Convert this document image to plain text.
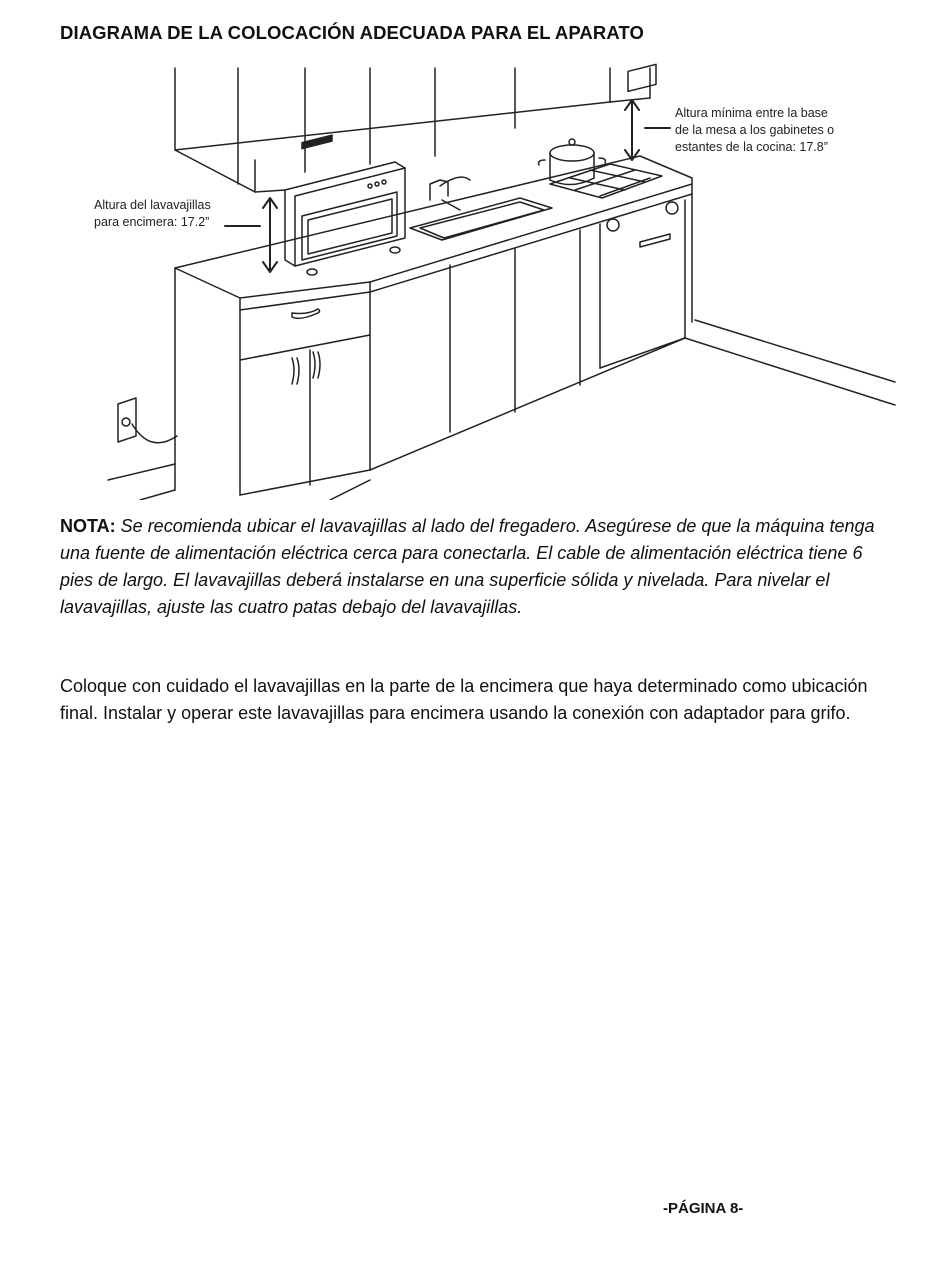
DIAGRAMA DE LA COLOCACIÓN ADECUADA PARA EL APARATO
Altura del lavavajillas
para encimera: 17.2”
Altura mínima entre la base
de la mesa a los gabinetes o
estantes de la cocina: 17.8”
NOTA: Se recomienda ubicar el lavavajillas al lado del fregadero. Asegúrese de que la máquina tenga una fuente de alimentación eléctrica cerca para conectarla. El cable de alimentación eléctrica tiene 6 pies de largo. El lavavajillas deberá instalarse en una superficie sólida y nivelada. Para nivelar el lavavajillas, ajuste las cuatro patas debajo del lavavajillas.
Coloque con cuidado el lavavajillas en la parte de la encimera que haya determinado como ubicación final. Instalar y operar este lavavajillas para encimera usando la conexión con adaptador para grifo.
-PÁGINA 8-
